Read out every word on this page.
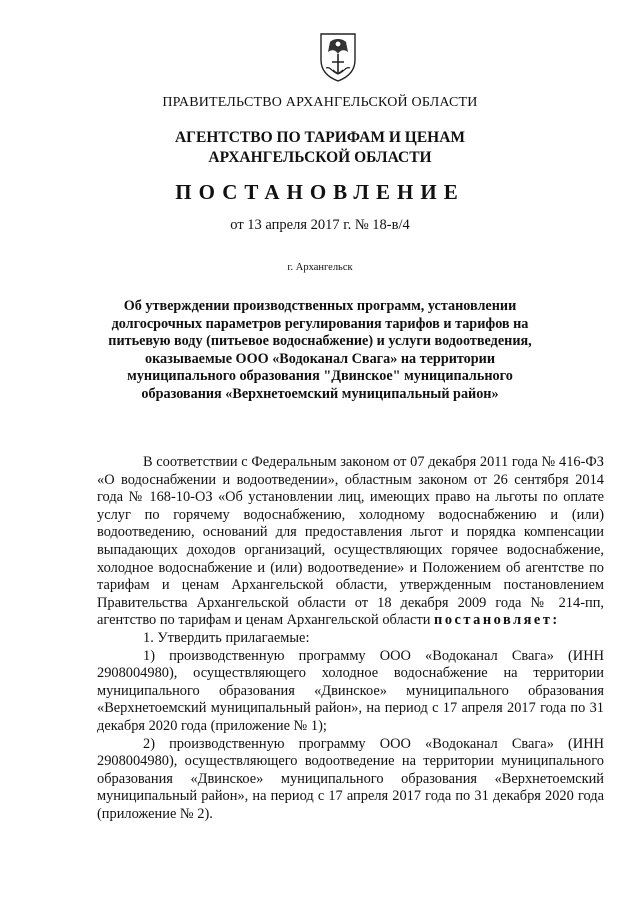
ПРАВИТЕЛЬСТВО АРХАНГЕЛЬСКОЙ ОБЛАСТИ
АГЕНТСТВО ПО ТАРИФАМ И ЦЕНАМ
АРХАНГЕЛЬСКОЙ ОБЛАСТИ
ПОСТАНОВЛЕНИЕ
от 13 апреля 2017 г. № 18-в/4
г. Архангельск
Об утверждении производственных программ, установлении долгосрочных параметров регулирования тарифов и тарифов на питьевую воду (питьевое водоснабжение) и услуги водоотведения, оказываемые ООО «Водоканал Свага» на территории муниципального образования "Двинское" муниципального образования «Верхнетоемский муниципальный район»

В соответствии с Федеральным законом от 07 декабря 2011 года № 416-ФЗ «О водоснабжении и водоотведении», областным законом от 26 сентября 2014 года № 168-10-ОЗ «Об установлении лиц, имеющих право на льготы по оплате услуг по горячему водоснабжению, холодному водоснабжению и (или) водоотведению, оснований для предоставления льгот и порядка компенсации выпадающих доходов организаций, осуществляющих горячее водоснабжение, холодное водоснабжение и (или) водоотведение» и Положением об агентстве по тарифам и ценам Архангельской области, утвержденным постановлением Правительства Архангельской области от 18 декабря 2009 года № 214-пп, агентство по тарифам и ценам Архангельской области постановляет:

1. Утвердить прилагаемые:

1) производственную программу ООО «Водоканал Свага» (ИНН 2908004980), осуществляющего холодное водоснабжение на территории муниципального образования «Двинское» муниципального образования «Верхнетоемский муниципальный район», на период с 17 апреля 2017 года по 31 декабря 2020 года (приложение № 1);

2) производственную программу ООО «Водоканал Свага» (ИНН 2908004980), осуществляющего водоотведение на территории муниципального образования «Двинское» муниципального образования «Верхнетоемский муниципальный район», на период с 17 апреля 2017 года по 31 декабря 2020 года (приложение № 2).
